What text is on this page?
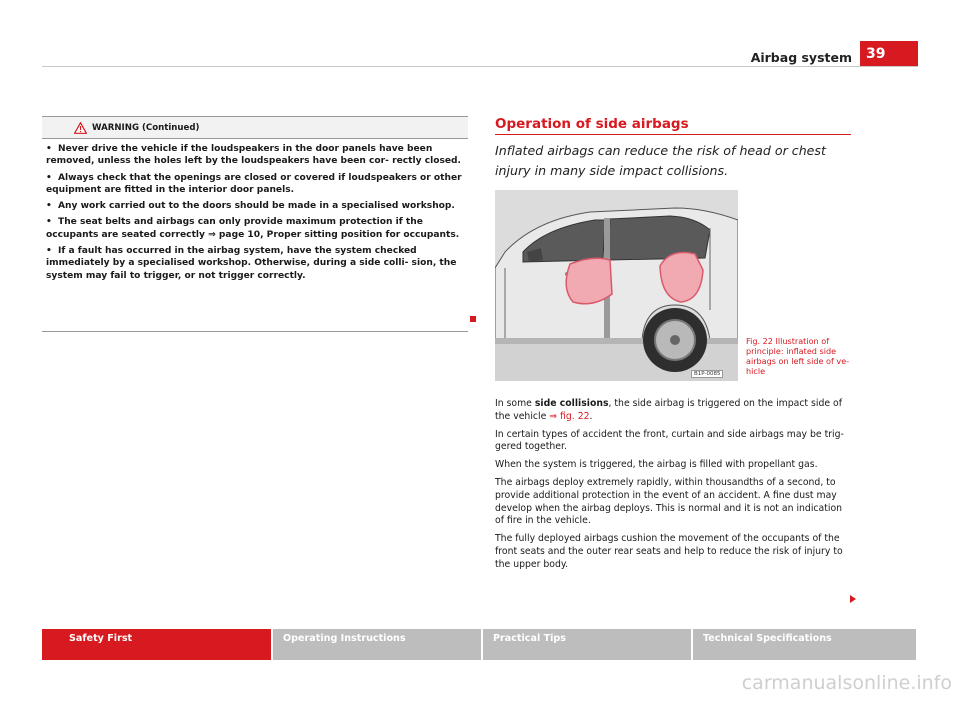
Airbag system	39
WARNING (Continued)
• Never drive the vehicle if the loudspeakers in the door panels have been removed, unless the holes left by the loudspeakers have been cor- rectly closed.
• Always check that the openings are closed or covered if loudspeakers or other equipment are fitted in the interior door panels.
• Any work carried out to the doors should be made in a specialised workshop.
• The seat belts and airbags can only provide maximum protection if the occupants are seated correctly ⇒ page 10, Proper sitting position for occupants.
• If a fault has occurred in the airbag system, have the system checked immediately by a specialised workshop. Otherwise, during a side colli- sion, the system may fail to trigger, or not trigger correctly.
Operation of side airbags
Inflated airbags can reduce the risk of head or chest injury in many side impact collisions.
B1P-0085
Fig. 22 Illustration of principle: inflated side airbags on left side of ve- hicle

In some side collisions, the side airbag is triggered on the impact side of the vehicle ⇒ fig. 22.

In certain types of accident the front, curtain and side airbags may be trig- gered together.

When the system is triggered, the airbag is filled with propellant gas.

The airbags deploy extremely rapidly, within thousandths of a second, to provide additional protection in the event of an accident. A fine dust may develop when the airbag deploys. This is normal and it is not an indication of fire in the vehicle.

The fully deployed airbags cushion the movement of the occupants of the front seats and the outer rear seats and help to reduce the risk of injury to the upper body.

Safety First	Operating Instructions	Practical Tips	Technical Specifications
carmanualsonline.info
